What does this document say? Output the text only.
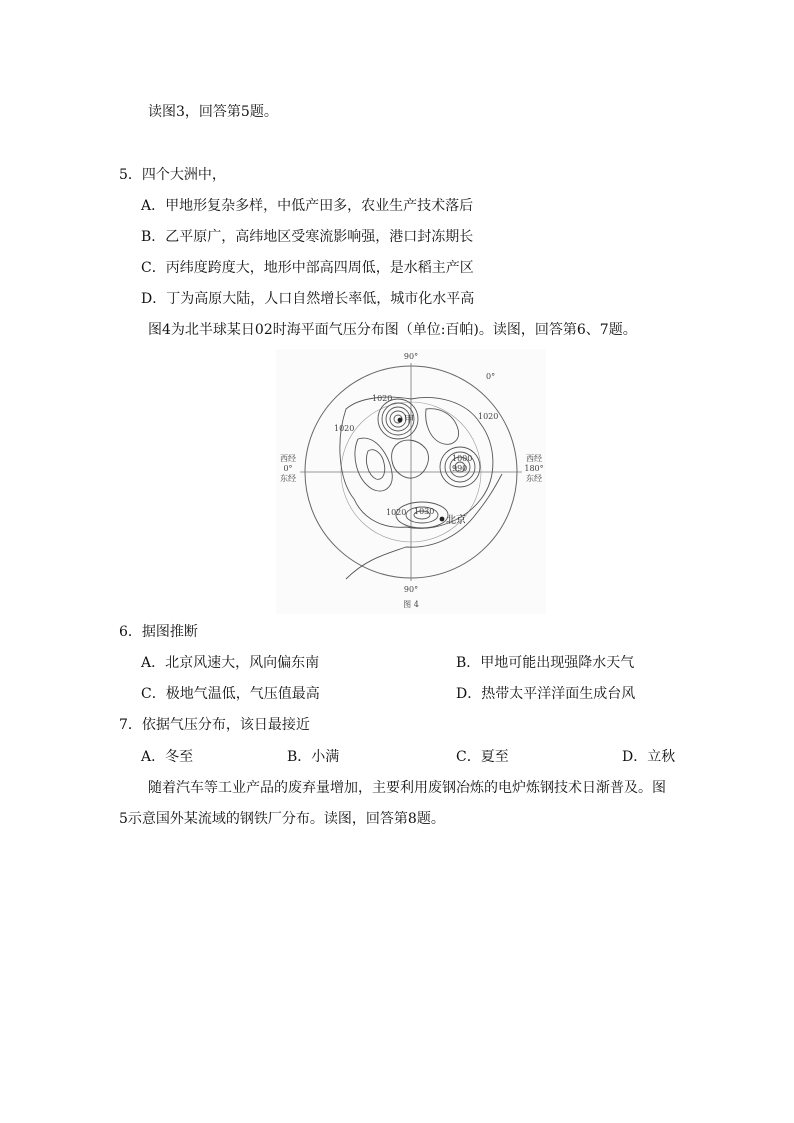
读图3，回答第5题。
5．四个大洲中，
A．甲地形复杂多样，中低产田多，农业生产技术落后
B．乙平原广，高纬地区受寒流影响强，港口封冻期长
C．丙纬度跨度大，地形中部高四周低，是水稻主产区
D．丁为高原大陆，人口自然增长率低，城市化水平高
图4为北半球某日02时海平面气压分布图（单位:百帕)。读图，回答第6、7题。
90°
90°
0°
西经
0°
东经
西经
180°
东经
甲
北京
1020
1000
990
1020
1020
1030
1020
图 4
6．据图推断
A．北京风速大，风向偏东南	B．甲地可能出现强降水天气
C．极地气温低，气压值最高	D．热带太平洋洋面生成台风
7．依据气压分布，该日最接近
A．冬至	B．小满	C．夏至	D．立秋
随着汽车等工业产品的废弃量增加，主要利用废钢冶炼的电炉炼钢技术日渐普及。图
5示意国外某流域的钢铁厂分布。读图，回答第8题。
